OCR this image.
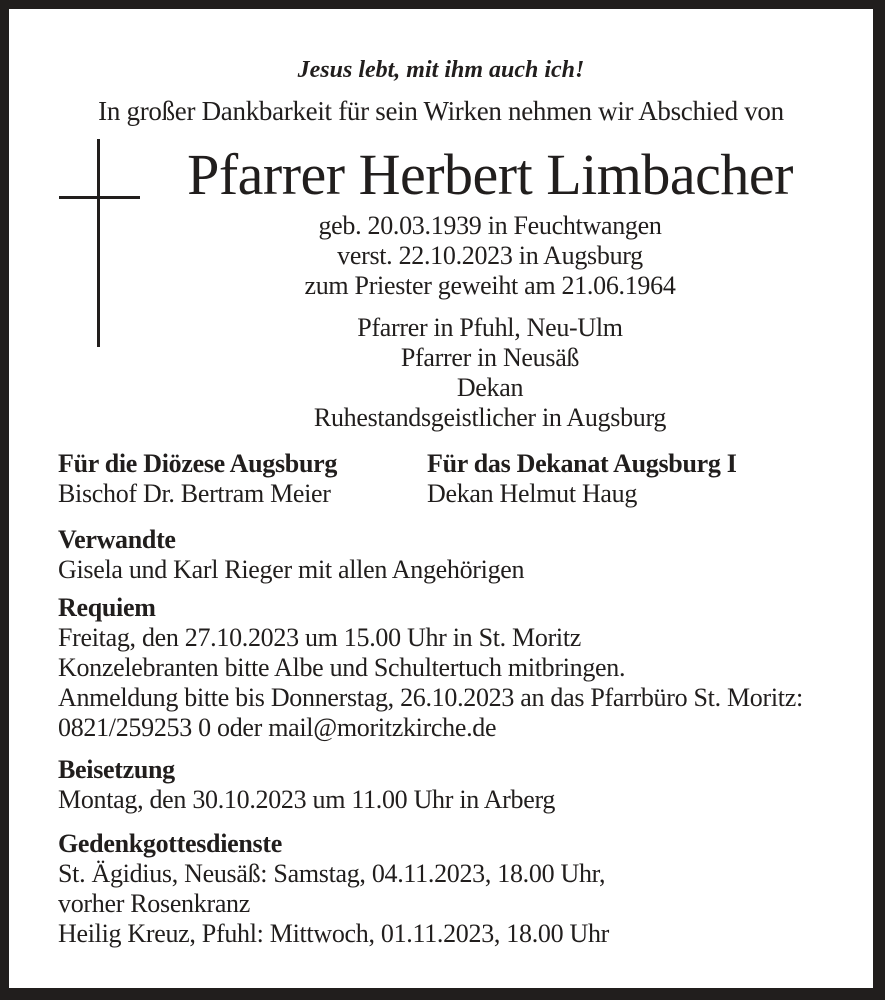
Jesus lebt, mit ihm auch ich!
In großer Dankbarkeit für sein Wirken nehmen wir Abschied von
Pfarrer Herbert Limbacher
geb. 20.03.1939 in Feuchtwangen
verst. 22.10.2023 in Augsburg
zum Priester geweiht am 21.06.1964
Pfarrer in Pfuhl, Neu-Ulm
Pfarrer in Neusäß
Dekan
Ruhestandsgeistlicher in Augsburg
Für die Diözese Augsburg
Bischof Dr. Bertram Meier
Für das Dekanat Augsburg I
Dekan Helmut Haug
Verwandte
Gisela und Karl Rieger mit allen Angehörigen
Requiem
Freitag, den 27.10.2023 um 15.00 Uhr in St. Moritz
Konzelebranten bitte Albe und Schultertuch mitbringen.
Anmeldung bitte bis Donnerstag, 26.10.2023 an das Pfarrbüro St. Moritz:
0821/259253 0 oder mail@moritzkirche.de
Beisetzung
Montag, den 30.10.2023 um 11.00 Uhr in Arberg
Gedenkgottesdienste
St. Ägidius, Neusäß: Samstag, 04.11.2023, 18.00 Uhr,
vorher Rosenkranz
Heilig Kreuz, Pfuhl: Mittwoch, 01.11.2023, 18.00 Uhr
